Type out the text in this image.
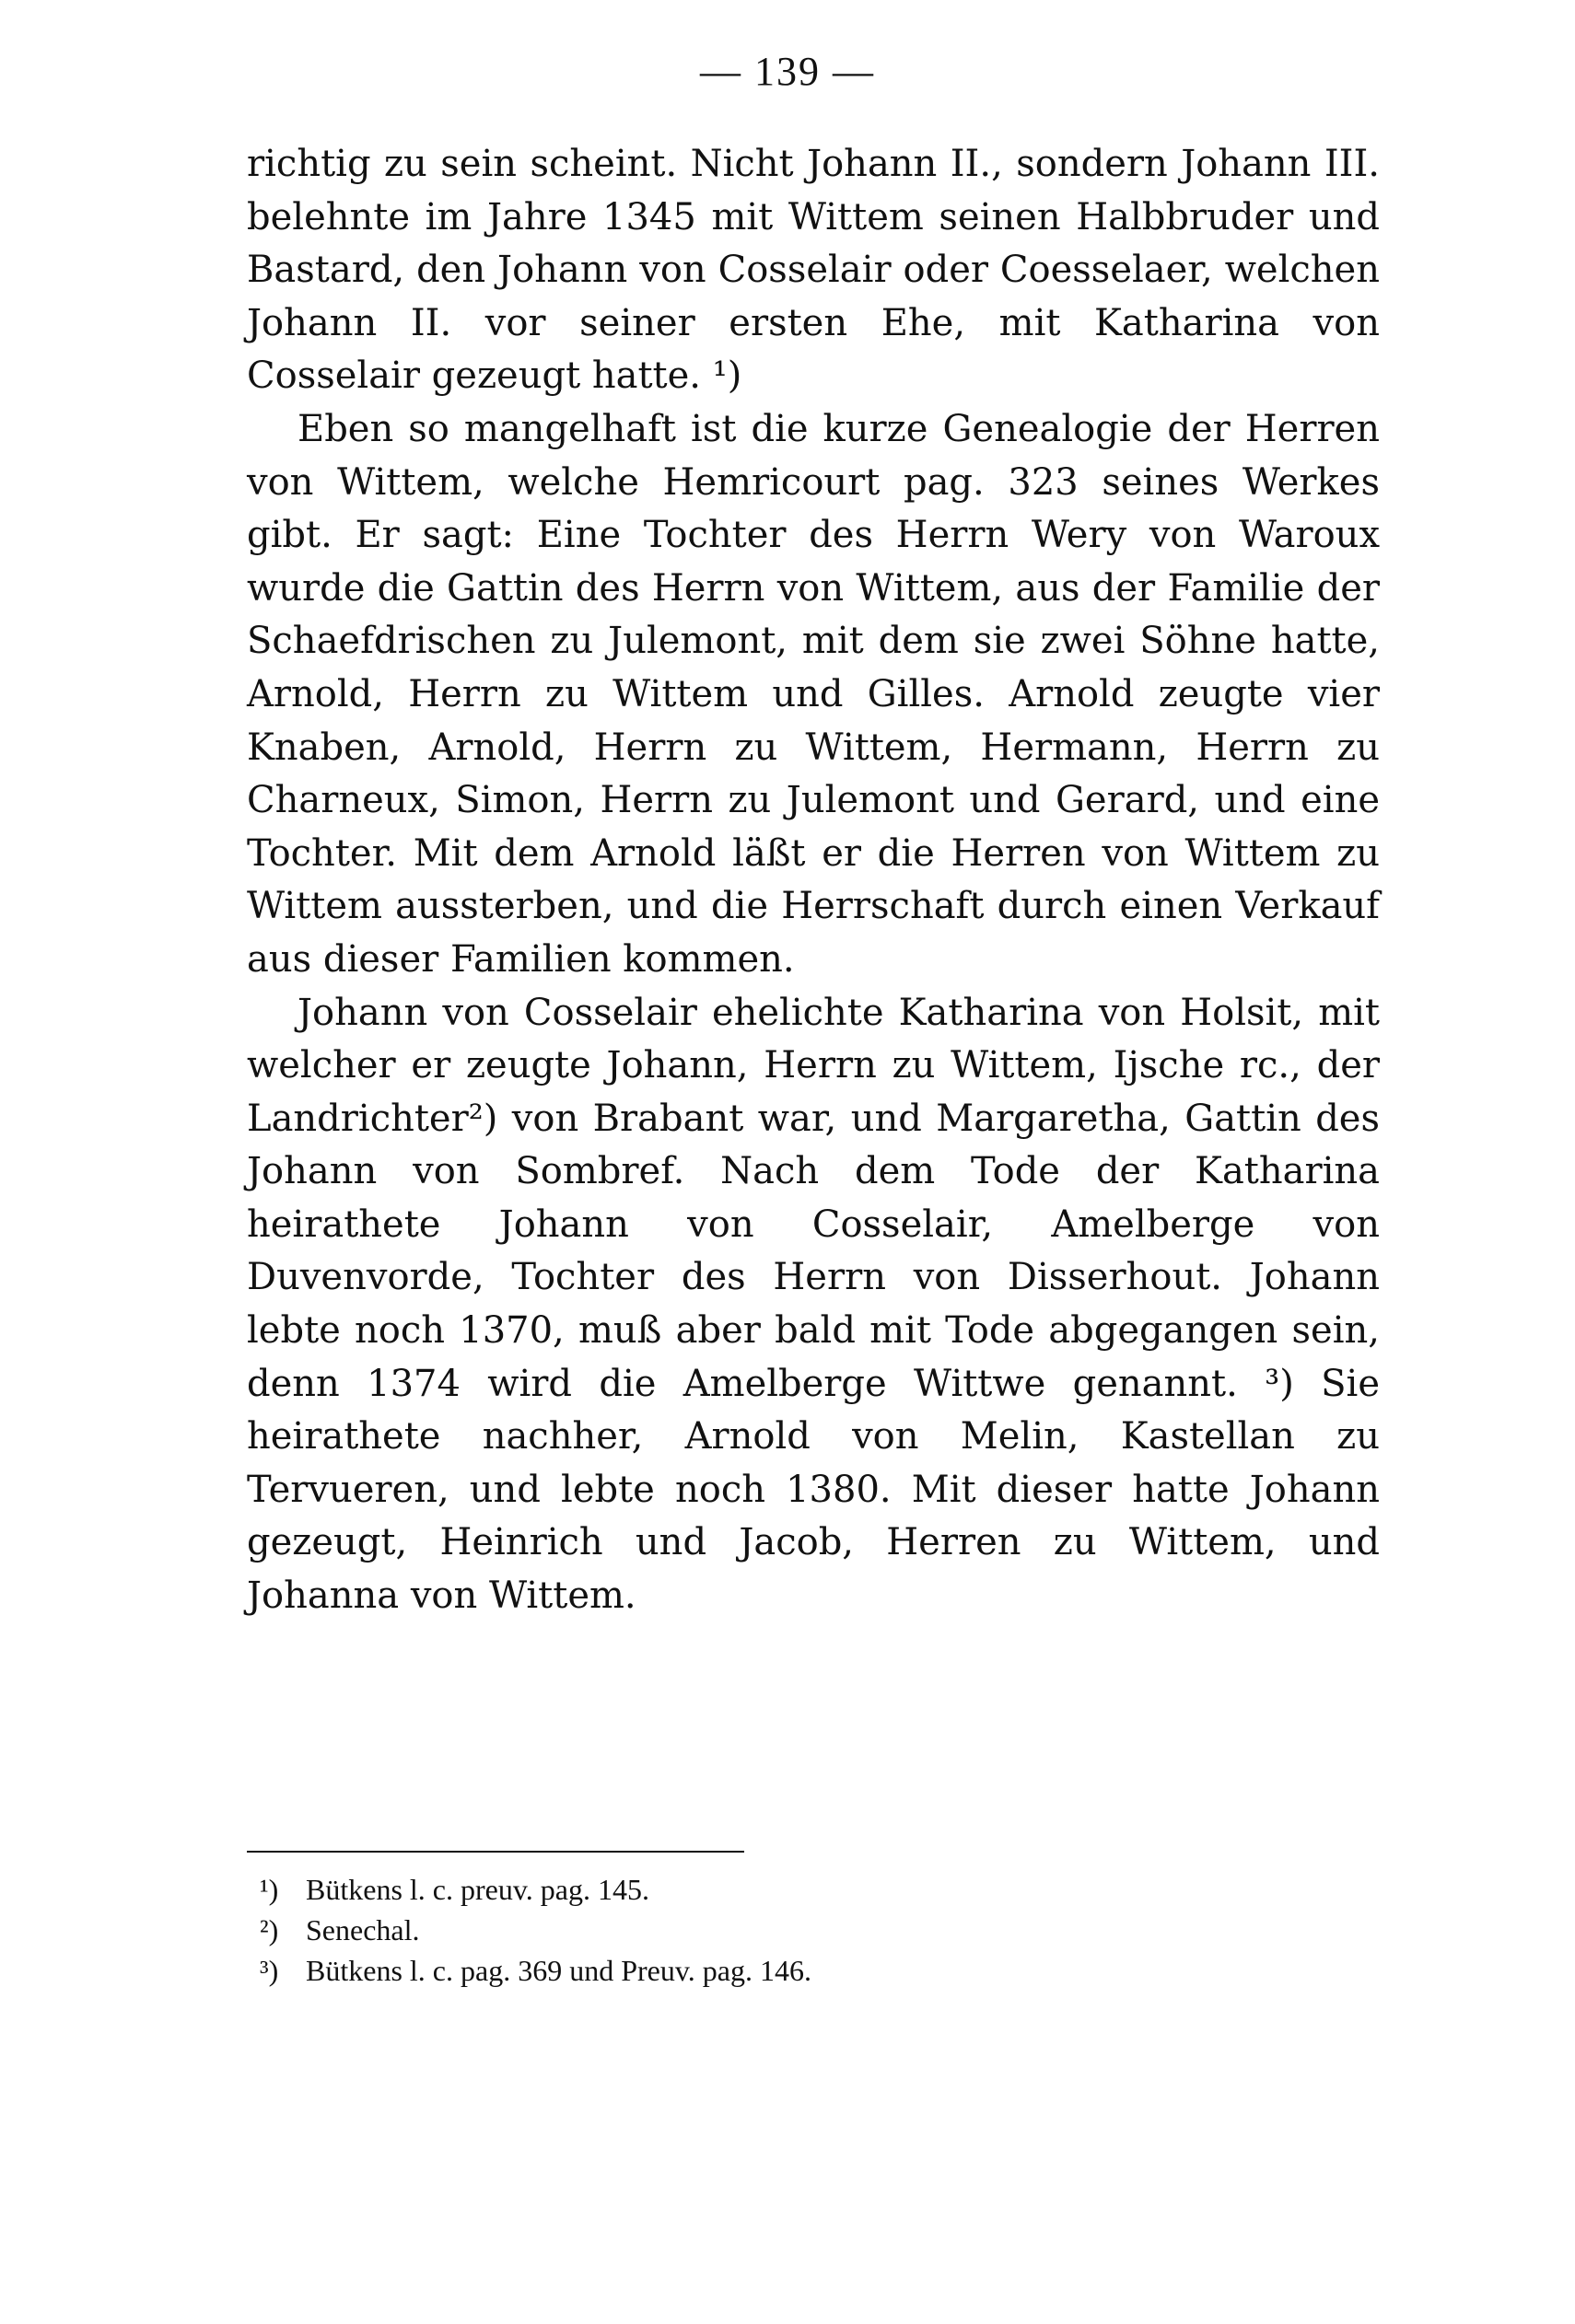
— 139 —

richtig zu sein scheint. Nicht Johann II., sondern Johann III. belehnte im Jahre 1345 mit Wittem seinen Halbbruder und Bastard, den Johann von Cosselair oder Coesselaer, welchen Johann II. vor seiner ersten Ehe, mit Katharina von Cosselair gezeugt hatte. ¹)

Eben so mangelhaft ist die kurze Genealogie der Herren von Wittem, welche Hemricourt pag. 323 seines Werkes gibt. Er sagt: Eine Tochter des Herrn Wery von Waroux wurde die Gattin des Herrn von Wittem, aus der Familie der Schaefdrischen zu Julemont, mit dem sie zwei Söhne hatte, Arnold, Herrn zu Wittem und Gilles. Arnold zeugte vier Knaben, Arnold, Herrn zu Wittem, Hermann, Herrn zu Charneux, Simon, Herrn zu Julemont und Gerard, und eine Tochter. Mit dem Arnold läßt er die Herren von Wittem zu Wittem aussterben, und die Herrschaft durch einen Verkauf aus dieser Familien kommen.

Johann von Cosselair ehelichte Katharina von Holsit, mit welcher er zeugte Johann, Herrn zu Wittem, Ijsche rc., der Landrichter²) von Brabant war, und Margaretha, Gattin des Johann von Sombref. Nach dem Tode der Katharina heirathete Johann von Cosselair, Amelberge von Duvenvorde, Tochter des Herrn von Disserhout. Johann lebte noch 1370, muß aber bald mit Tode abgegangen sein, denn 1374 wird die Amelberge Wittwe genannt. ³) Sie heirathete nachher, Arnold von Melin, Kastellan zu Tervueren, und lebte noch 1380. Mit dieser hatte Johann gezeugt, Heinrich und Jacob, Herren zu Wittem, und Johanna von Wittem.

¹) Bütkens l. c. preuv. pag. 145.

²) Senechal.

³) Bütkens l. c. pag. 369 und Preuv. pag. 146.
